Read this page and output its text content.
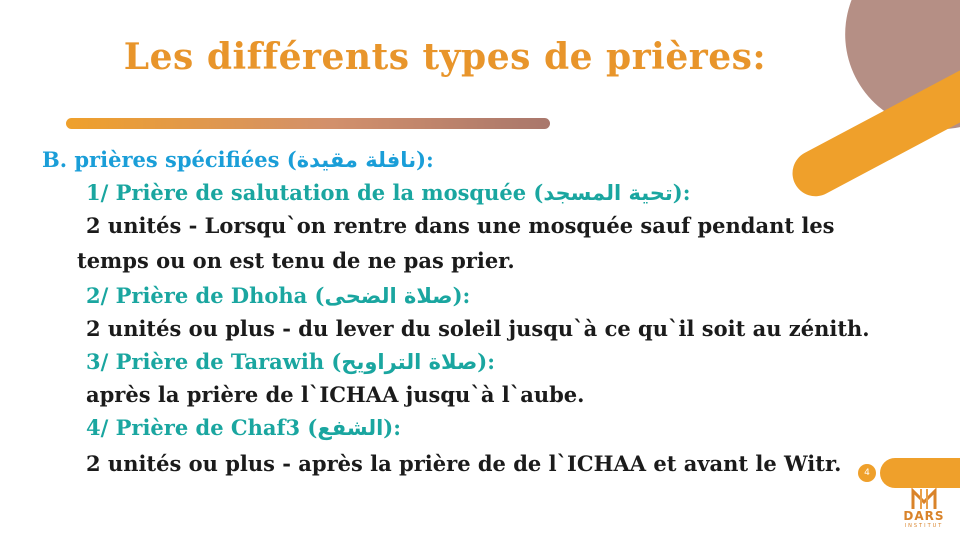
4
Les différents types de prières:
B. prières spécifiées (نافلة مقيدة):
1/ Prière de salutation de la mosquée (تحية المسجد):
2 unités - Lorsqu`on rentre dans une mosquée sauf pendant les
temps ou on est tenu de ne pas prier.
2/ Prière de Dhoha (صلاة الضحى):
2 unités ou plus - du lever du soleil jusqu`à ce qu`il soit au zénith.
3/ Prière de Tarawih (صلاة التراويح):
après la prière de l`ICHAA jusqu`à l`aube.
4/ Prière de Chaf3 (الشفع):
2 unités ou plus - après la prière de de l`ICHAA et avant le Witr.
DARS
INSTITUT
